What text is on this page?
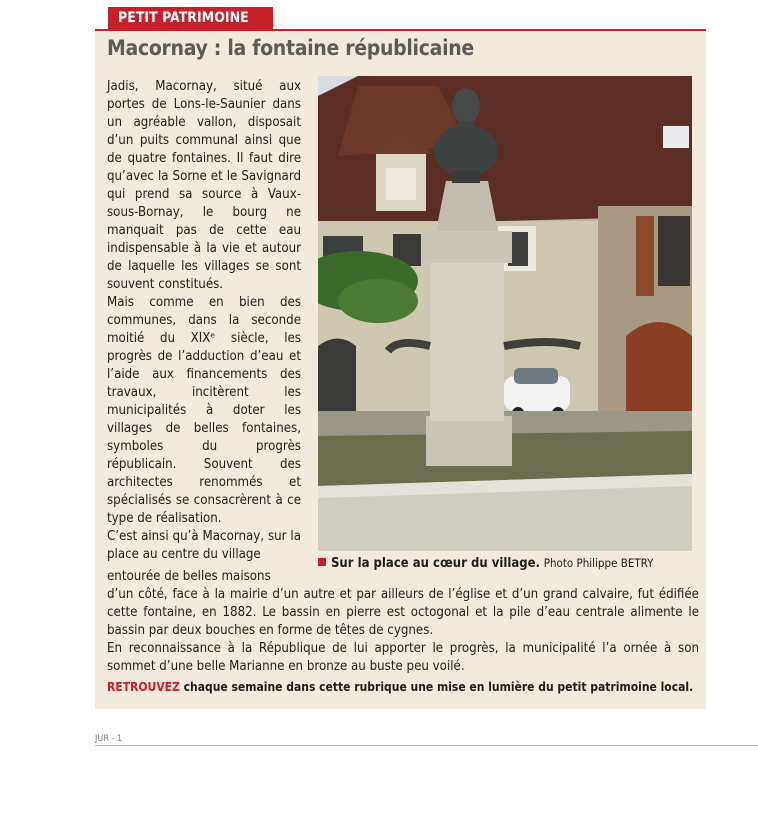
PETIT PATRIMOINE
Macornay : la fontaine républicaine

Jadis, Macornay, situé aux portes de Lons-le-Saunier dans un agréable vallon, disposait d’un puits communal ainsi que de quatre fontaines. Il faut dire qu’avec la Sorne et le Savignard qui prend sa source à Vaux-sous-Bornay, le bourg ne manquait pas de cette eau indispensable à la vie et autour de laquelle les villages se sont souvent constitués.

Mais comme en bien des communes, dans la seconde moitié du XIXᵉ siècle, les progrès de l’adduction d’eau et l’aide aux financements des travaux, incitèrent les municipalités à doter les villages de belles fontaines, symboles du progrès républicain. Souvent des architectes renommés et spécialisés se consacrèrent à ce type de réalisation.

C’est ainsi qu’à Macornay, sur la place au centre du village

entourée de belles maisons
Sur la place au cœur du village. Photo Philippe BETRY

d’un côté, face à la mairie d’un autre et par ailleurs de l’église et d’un grand calvaire, fut édifiée cette fontaine, en 1882. Le bassin en pierre est octogonal et la pile d’eau centrale alimente le bassin par deux bouches en forme de têtes de cygnes.

En reconnaissance à la République de lui apporter le progrès, la municipalité l’a ornée à son sommet d’une belle Marianne en bronze au buste peu voilé.

RETROUVEZ chaque semaine dans cette rubrique une mise en lumière du petit patrimoine local.
JUR - 1
